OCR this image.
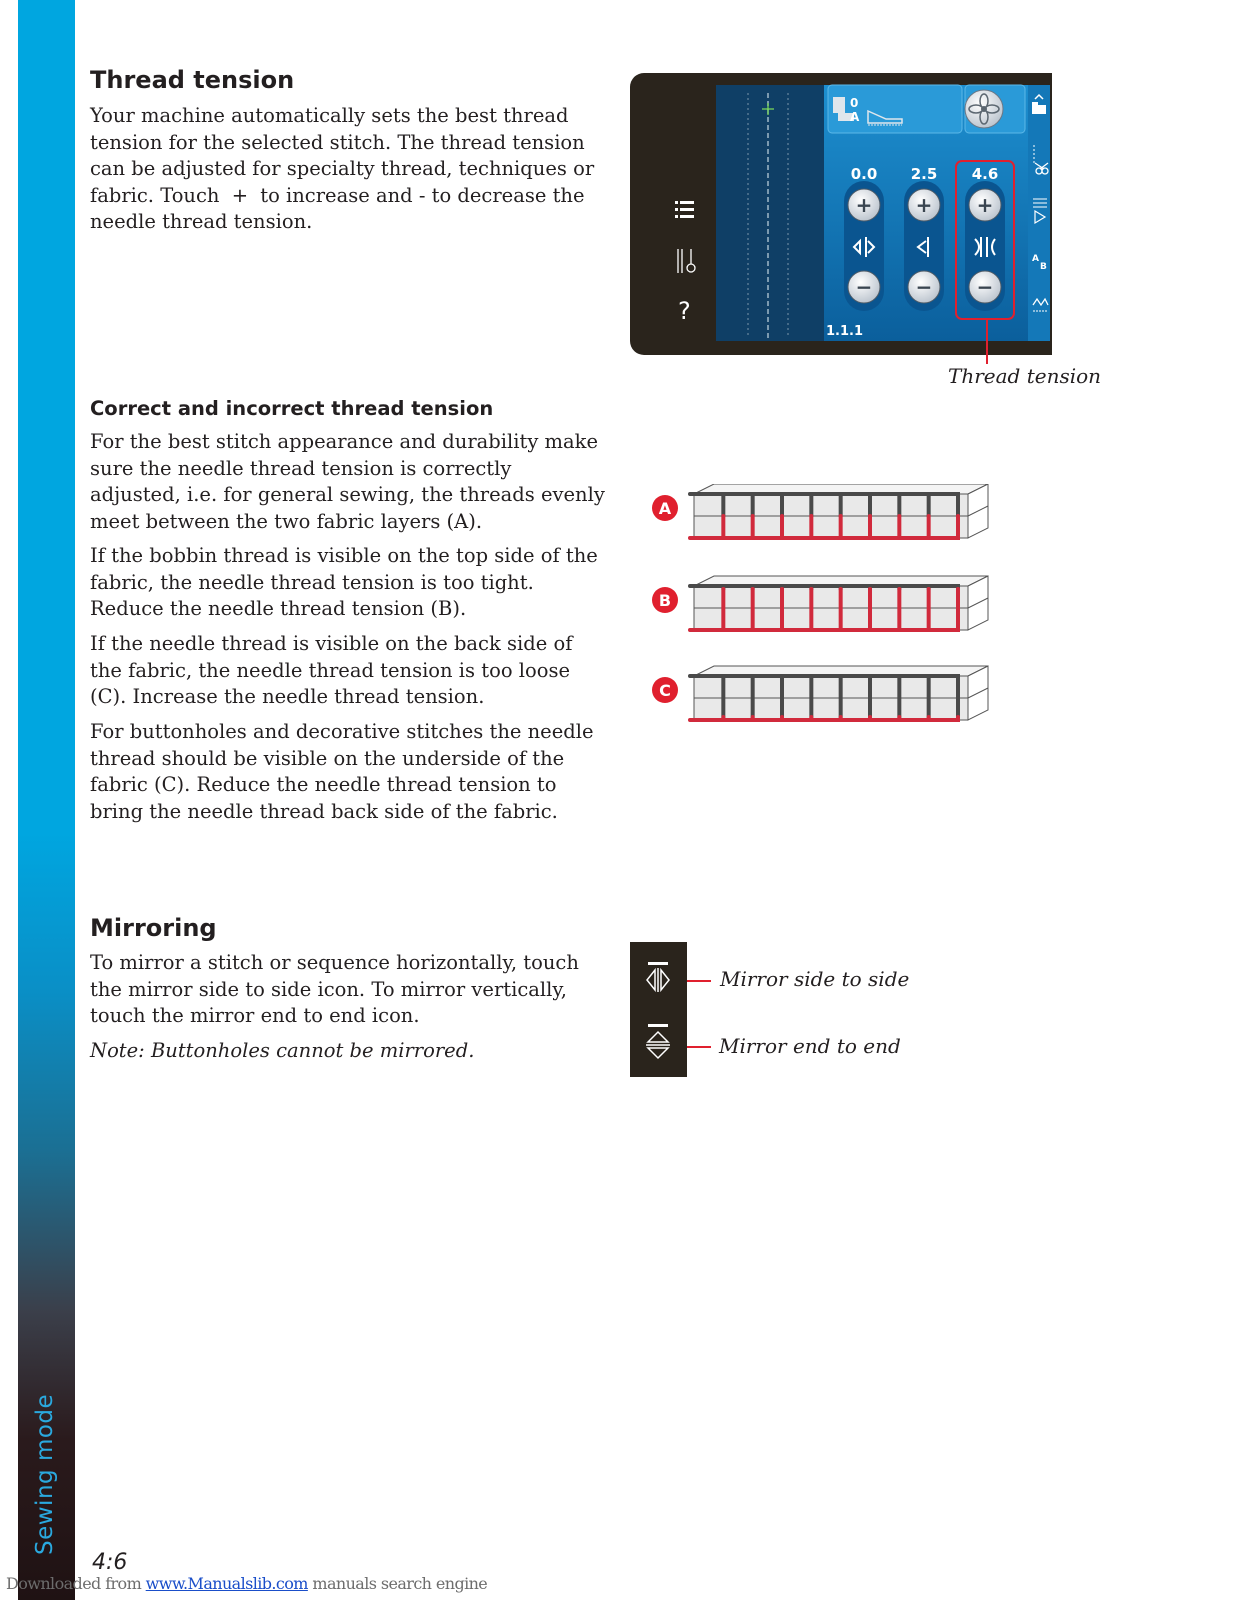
Sewing mode
Thread tension
Your machine automatically sets the best thread tension for the selected stitch. The thread tension can be adjusted for specialty thread, techniques or fabric. Touch + to increase and - to decrease the needle thread tension.
0
A
A
B
?
0.0
+
−
2.5
+
−
4.6
+
−
1.1.1
Thread tension
Correct and incorrect thread tension
For the best stitch appearance and durability make sure the needle thread tension is correctly adjusted, i.e. for general sewing, the threads evenly meet between the two fabric layers (A).
If the bobbin thread is visible on the top side of the fabric, the needle thread tension is too tight. Reduce the needle thread tension (B).
If the needle thread is visible on the back side of the fabric, the needle thread tension is too loose (C). Increase the needle thread tension.
For buttonholes and decorative stitches the needle thread should be visible on the underside of the fabric (C). Reduce the needle thread tension to bring the needle thread back side of the fabric.
A
B
C
Mirroring
To mirror a stitch or sequence horizontally, touch the mirror side to side icon. To mirror vertically, touch the mirror end to end icon.
Note: Buttonholes cannot be mirrored.
Mirror side to side
Mirror end to end
4:6
Downloaded from www.Manualslib.com manuals search engine
